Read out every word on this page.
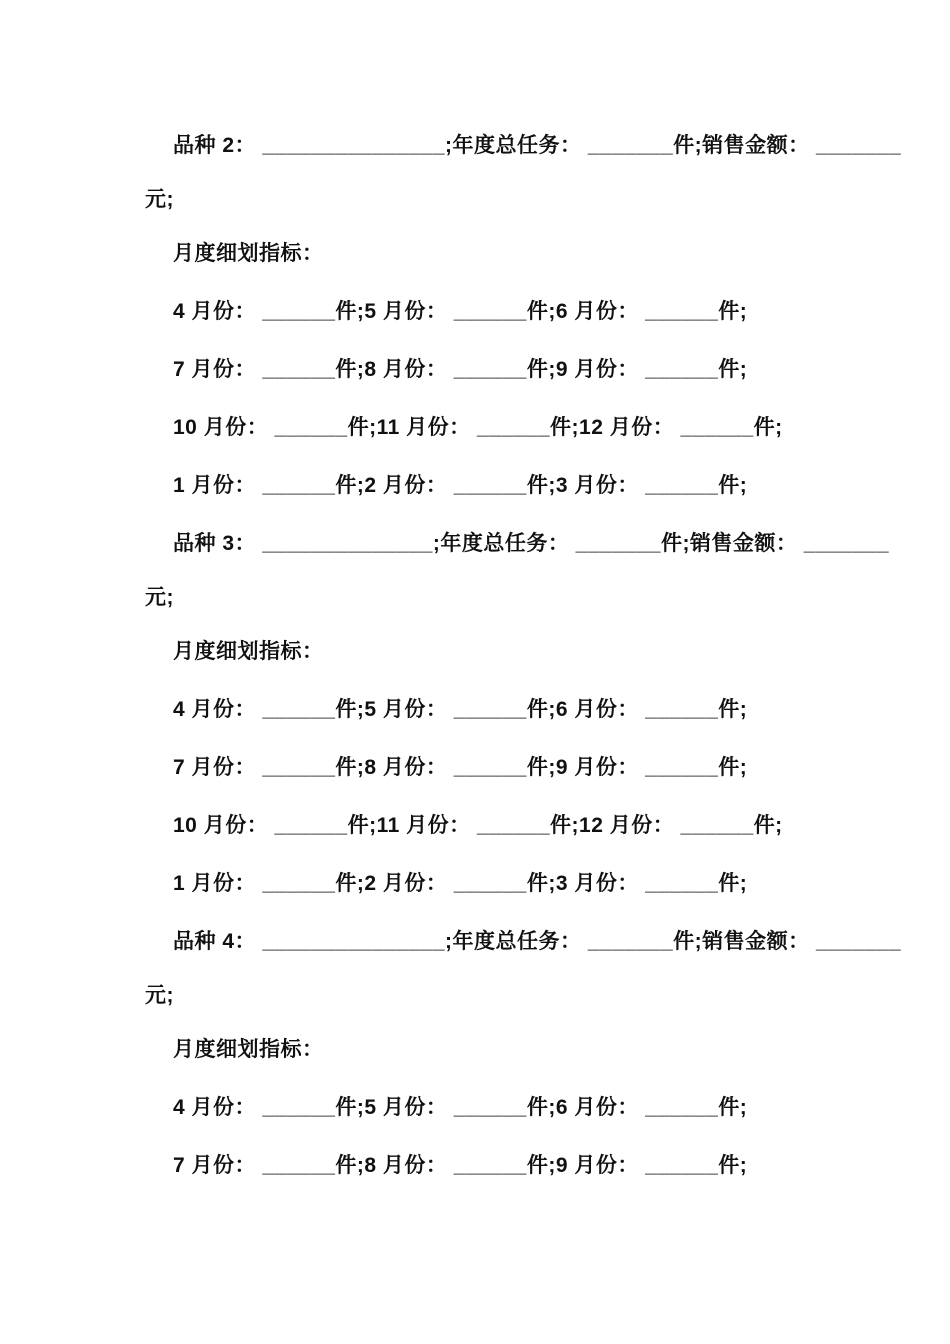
品种 2： _______________;年度总任务： _______件;销售金额： _______
元;
月度细划指标：
4 月份： ______件;5 月份： ______件;6 月份： ______件;
7 月份： ______件;8 月份： ______件;9 月份： ______件;
10 月份： ______件;11 月份： ______件;12 月份： ______件;
1 月份： ______件;2 月份： ______件;3 月份： ______件;
品种 3： ______________;年度总任务： _______件;销售金额： _______
元;
月度细划指标：
4 月份： ______件;5 月份： ______件;6 月份： ______件;
7 月份： ______件;8 月份： ______件;9 月份： ______件;
10 月份： ______件;11 月份： ______件;12 月份： ______件;
1 月份： ______件;2 月份： ______件;3 月份： ______件;
品种 4： _______________;年度总任务： _______件;销售金额： _______
元;
月度细划指标：
4 月份： ______件;5 月份： ______件;6 月份： ______件;
7 月份： ______件;8 月份： ______件;9 月份： ______件;
